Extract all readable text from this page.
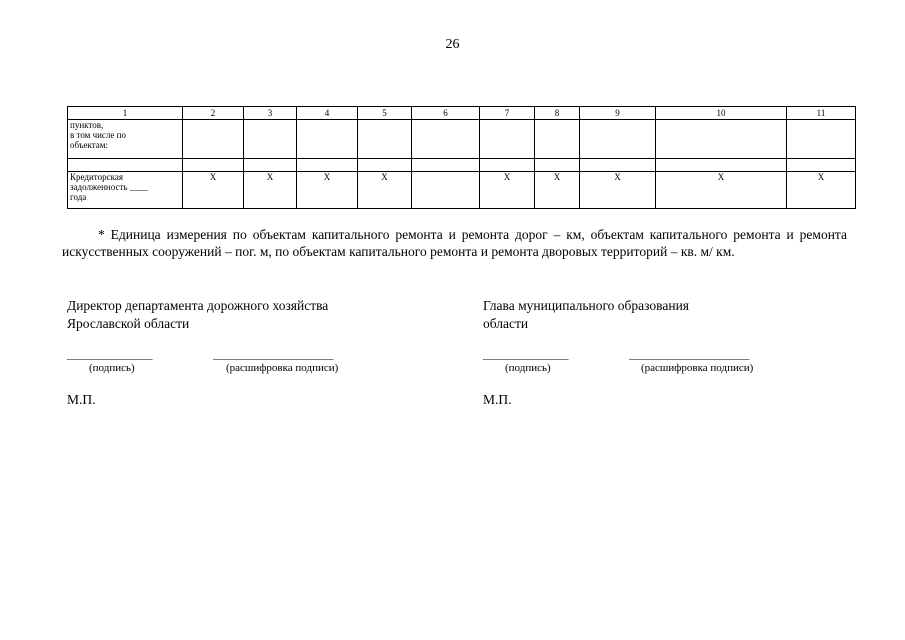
26
1	2	3	4	5	6	7	8	9	10	11

пунктов,
в том числе по
объектам:										

Кредиторская
задолженность ____
года	Х	Х	Х	Х		Х	Х	Х	Х	Х
* Единица измерения по объектам капитального ремонта и ремонта дорог – км, объектам капитального ремонта и ремонта искусственных сооружений – пог. м, по объектам капитального ремонта и ремонта дворовых территорий – кв. м/ км.
Директор департамента дорожного хозяйства
Ярославской области
_________________	________________________
(подпись)	(расшифровка подписи)
М.П.
Глава муниципального образования
области
_________________	________________________
(подпись)	(расшифровка подписи)
М.П.
